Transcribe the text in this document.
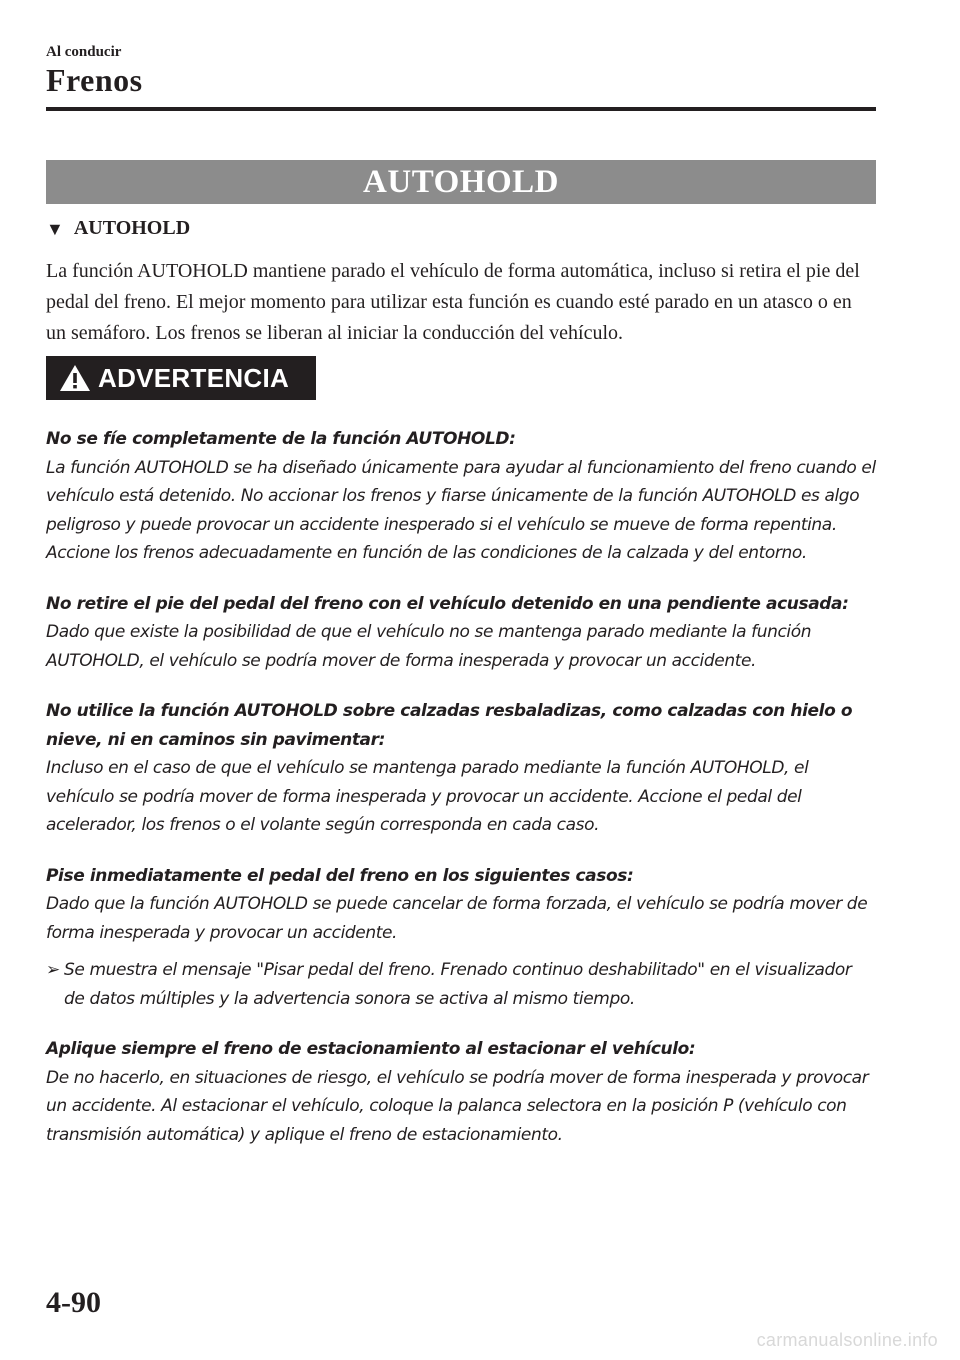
Al conducir
Frenos
AUTOHOLD
▼ AUTOHOLD

La función AUTOHOLD mantiene parado el vehículo de forma automática, incluso si retira el pie del pedal del freno. El mejor momento para utilizar esta función es cuando esté parado en un atasco o en un semáforo. Los frenos se liberan al iniciar la conducción del vehículo.

ADVERTENCIA
No se fíe completamente de la función AUTOHOLD:
La función AUTOHOLD se ha diseñado únicamente para ayudar al funcionamiento del freno cuando el vehículo está detenido. No accionar los frenos y fiarse únicamente de la función AUTOHOLD es algo peligroso y puede provocar un accidente inesperado si el vehículo se mueve de forma repentina. Accione los frenos adecuadamente en función de las condiciones de la calzada y del entorno.
No retire el pie del pedal del freno con el vehículo detenido en una pendiente acusada:
Dado que existe la posibilidad de que el vehículo no se mantenga parado mediante la función AUTOHOLD, el vehículo se podría mover de forma inesperada y provocar un accidente.
No utilice la función AUTOHOLD sobre calzadas resbaladizas, como calzadas con hielo o nieve, ni en caminos sin pavimentar:
Incluso en el caso de que el vehículo se mantenga parado mediante la función AUTOHOLD, el vehículo se podría mover de forma inesperada y provocar un accidente. Accione el pedal del acelerador, los frenos o el volante según corresponda en cada caso.
Pise inmediatamente el pedal del freno en los siguientes casos:
Dado que la función AUTOHOLD se puede cancelar de forma forzada, el vehículo se podría mover de forma inesperada y provocar un accidente.
➢ Se muestra el mensaje "Pisar pedal del freno. Frenado continuo deshabilitado" en el visualizador de datos múltiples y la advertencia sonora se activa al mismo tiempo.
Aplique siempre el freno de estacionamiento al estacionar el vehículo:
De no hacerlo, en situaciones de riesgo, el vehículo se podría mover de forma inesperada y provocar un accidente. Al estacionar el vehículo, coloque la palanca selectora en la posición P (vehículo con transmisión automática) y aplique el freno de estacionamiento.
4-90
carmanualsonline.info
